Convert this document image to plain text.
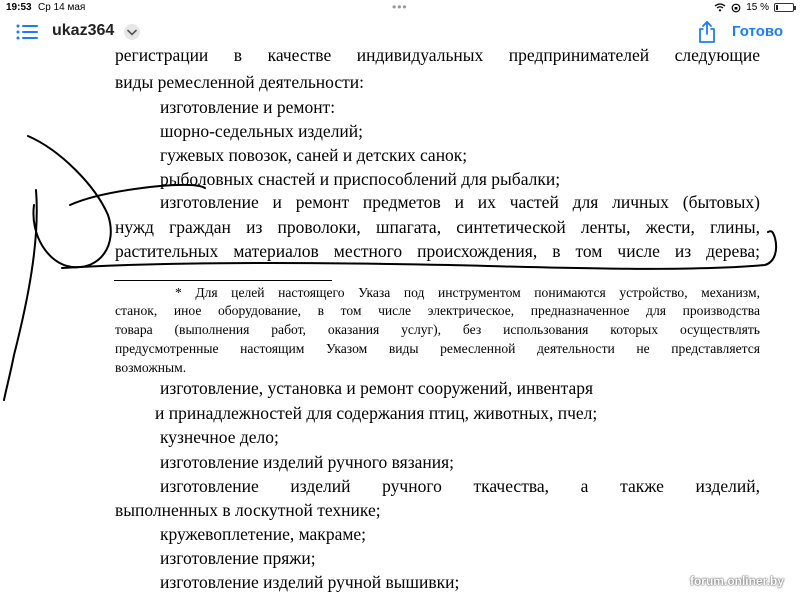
19:53 Ср 14 мая	•••	15 %
ukaz364	Готово
регистрации в качестве индивидуальных предпринимателей следующие
виды ремесленной деятельности:
изготовление и ремонт:
шорно-седельных изделий;
гужевых повозок, саней и детских санок;
рыболовных снастей и приспособлений для рыбалки;
изготовление и ремонт предметов и их частей для личных (бытовых)
нужд граждан из проволоки, шпагата, синтетической ленты, жести, глины,
растительных материалов местного происхождения, в том числе из дерева;
* Для целей настоящего Указа под инструментом понимаются устройство, механизм,
станок, иное оборудование, в том числе электрическое, предназначенное для производства
товара (выполнения работ, оказания услуг), без использования которых осуществлять
предусмотренные настоящим Указом виды ремесленной деятельности не представляется
возможным.
изготовление, установка и ремонт сооружений, инвентаря
и принадлежностей для содержания птиц, животных, пчел;
кузнечное дело;
изготовление изделий ручного вязания;
изготовление изделий ручного ткачества, а также изделий,
выполненных в лоскутной технике;
кружевоплетение, макраме;
изготовление пряжи;
изготовление изделий ручной вышивки;	forum.onliner.by
